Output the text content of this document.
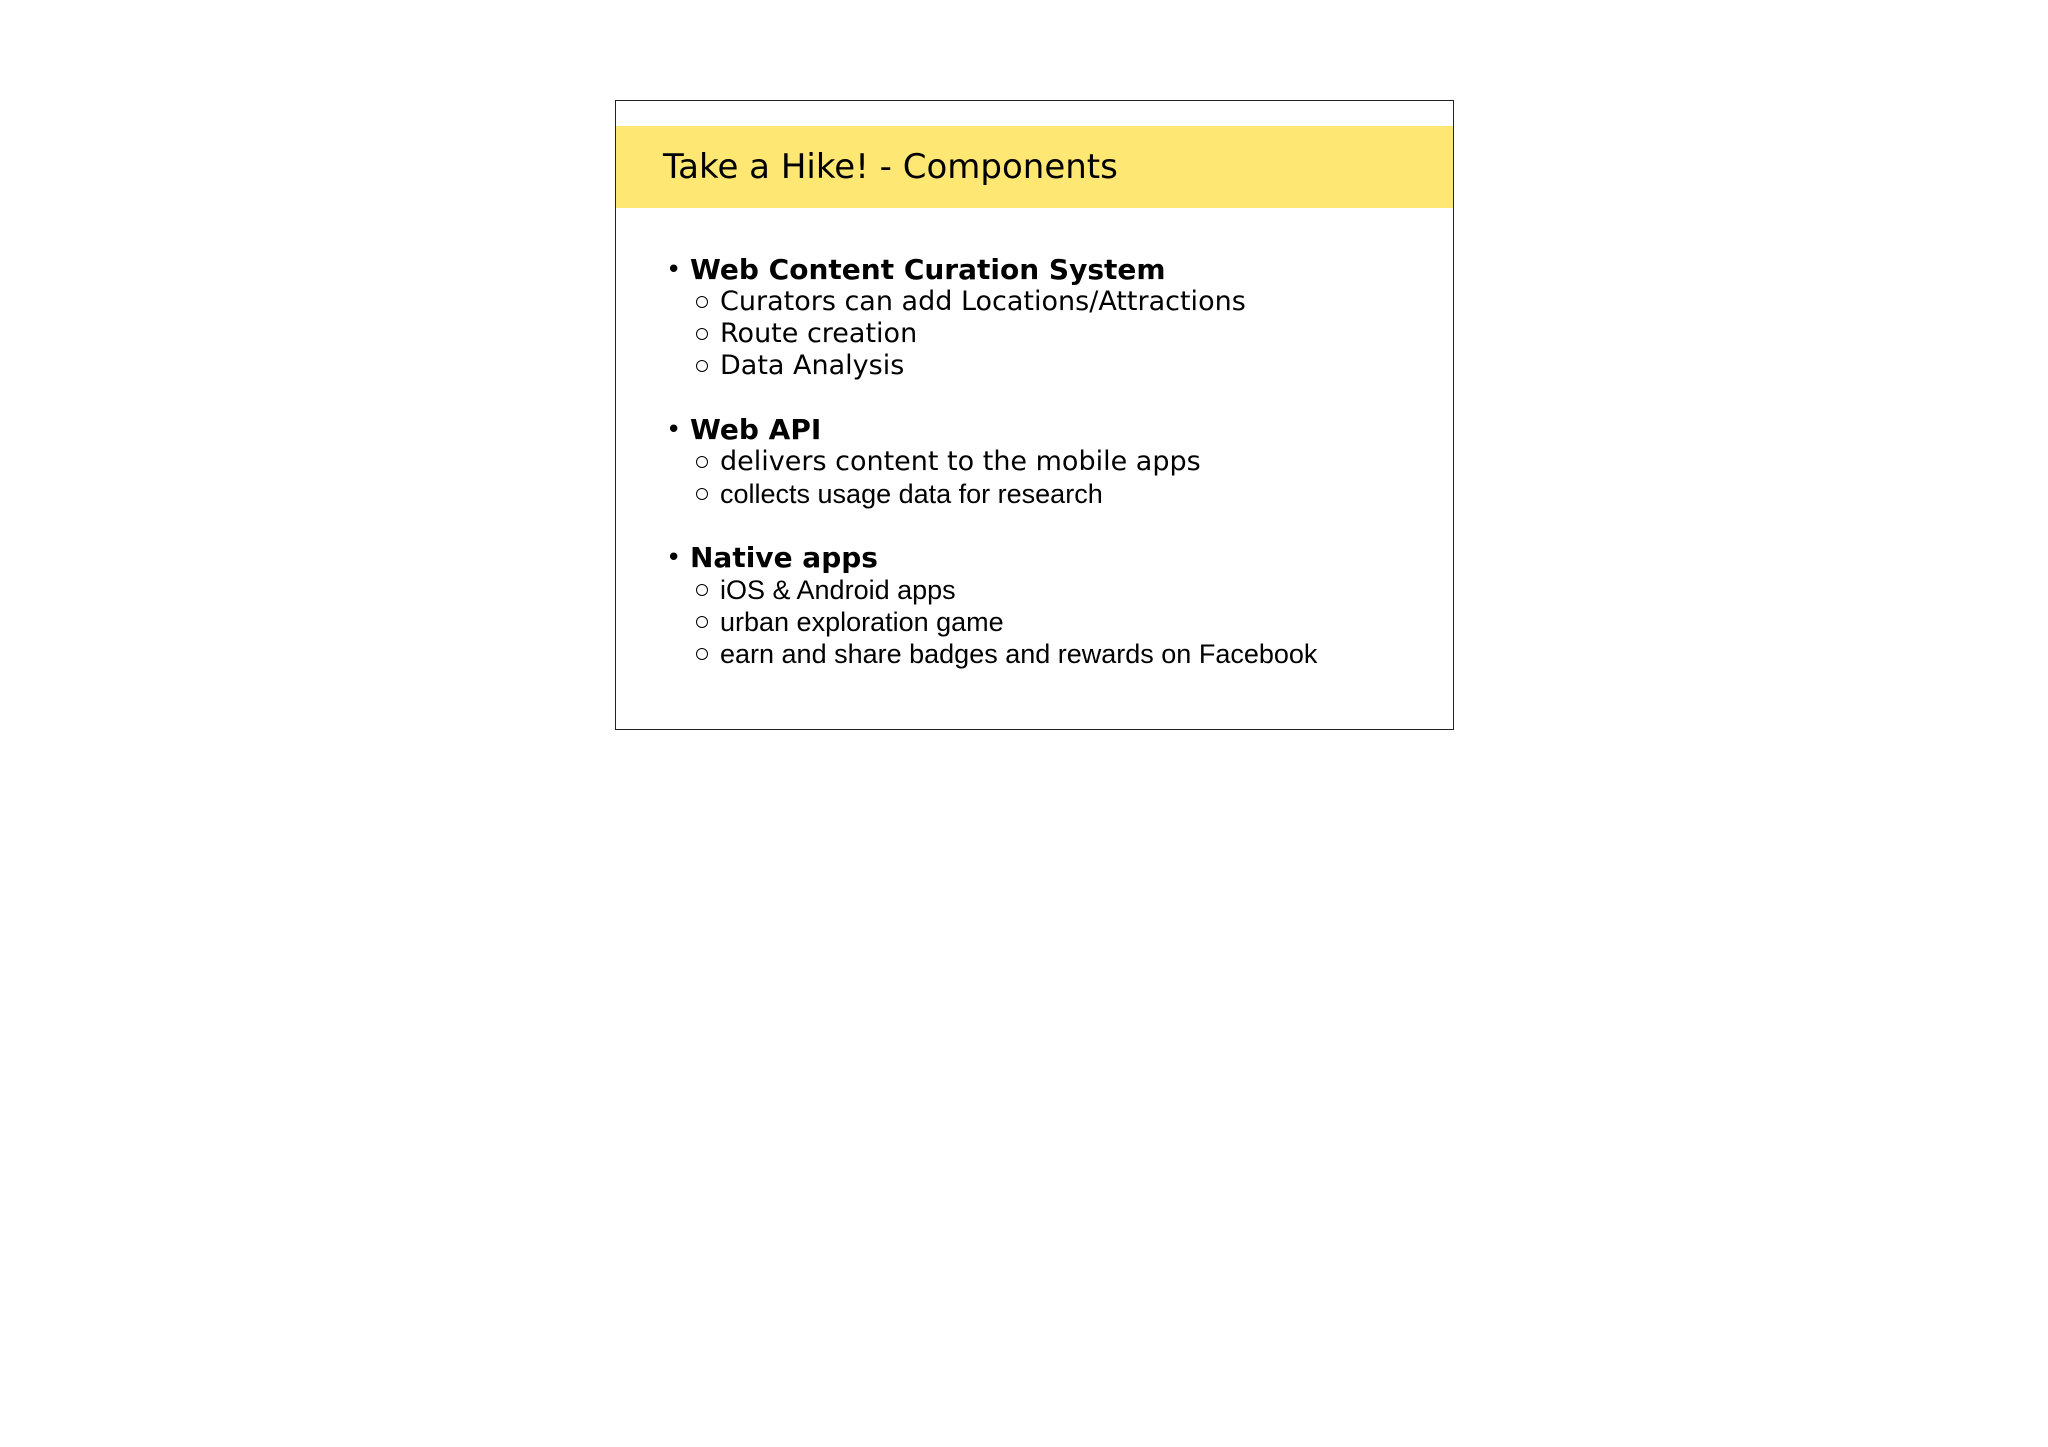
Take a Hike! - Components
• Web Content Curation System
Curators can add Locations/Attractions
Route creation
Data Analysis
• Web API
delivers content to the mobile apps
collects usage data for research
• Native apps
iOS & Android apps
urban exploration game
earn and share badges and rewards on Facebook
